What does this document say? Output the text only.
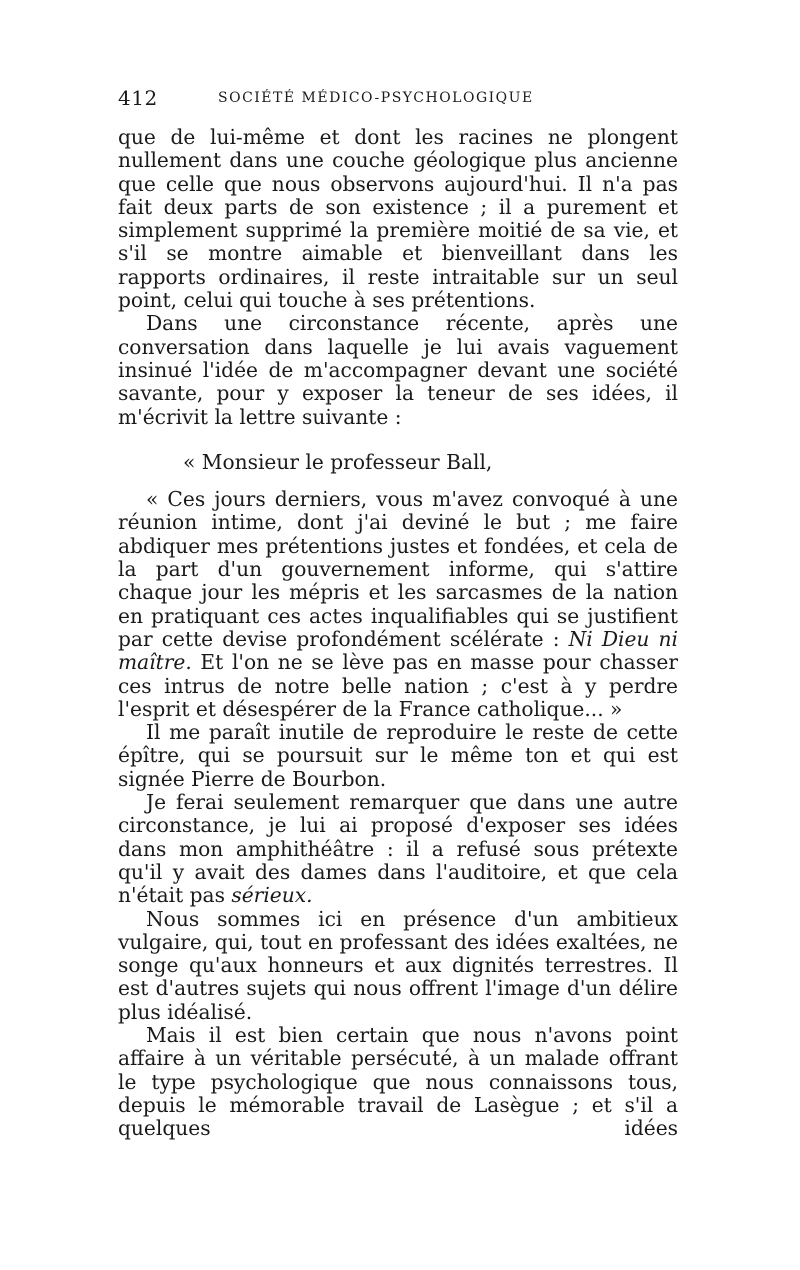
412	SOCIÉTÉ MÉDICO-PSYCHOLOGIQUE

que de lui-même et dont les racines ne plongent nullement dans une couche géologique plus ancienne que celle que nous observons aujourd'hui. Il n'a pas fait deux parts de son existence ; il a purement et simplement supprimé la première moitié de sa vie, et s'il se montre aimable et bienveillant dans les rapports ordinaires, il reste intraitable sur un seul point, celui qui touche à ses prétentions.

Dans une circonstance récente, après une conversation dans laquelle je lui avais vaguement insinué l'idée de m'accompagner devant une société savante, pour y exposer la teneur de ses idées, il m'écrivit la lettre suivante :

« Monsieur le professeur Ball,

« Ces jours derniers, vous m'avez convoqué à une réunion intime, dont j'ai deviné le but ; me faire abdiquer mes prétentions justes et fondées, et cela de la part d'un gouvernement informe, qui s'attire chaque jour les mépris et les sarcasmes de la nation en pratiquant ces actes inqualifiables qui se justifient par cette devise profondément scélérate : Ni Dieu ni maître. Et l'on ne se lève pas en masse pour chasser ces intrus de notre belle nation ; c'est à y perdre l'esprit et désespérer de la France catholique... »

Il me paraît inutile de reproduire le reste de cette épître, qui se poursuit sur le même ton et qui est signée Pierre de Bourbon.

Je ferai seulement remarquer que dans une autre circonstance, je lui ai proposé d'exposer ses idées dans mon amphithéâtre : il a refusé sous prétexte qu'il y avait des dames dans l'auditoire, et que cela n'était pas sérieux.

Nous sommes ici en présence d'un ambitieux vulgaire, qui, tout en professant des idées exaltées, ne songe qu'aux honneurs et aux dignités terrestres. Il est d'autres sujets qui nous offrent l'image d'un délire plus idéalisé.

Mais il est bien certain que nous n'avons point affaire à un véritable persécuté, à un malade offrant le type psychologique que nous connaissons tous, depuis le mémorable travail de Lasègue ; et s'il a quelques idées
